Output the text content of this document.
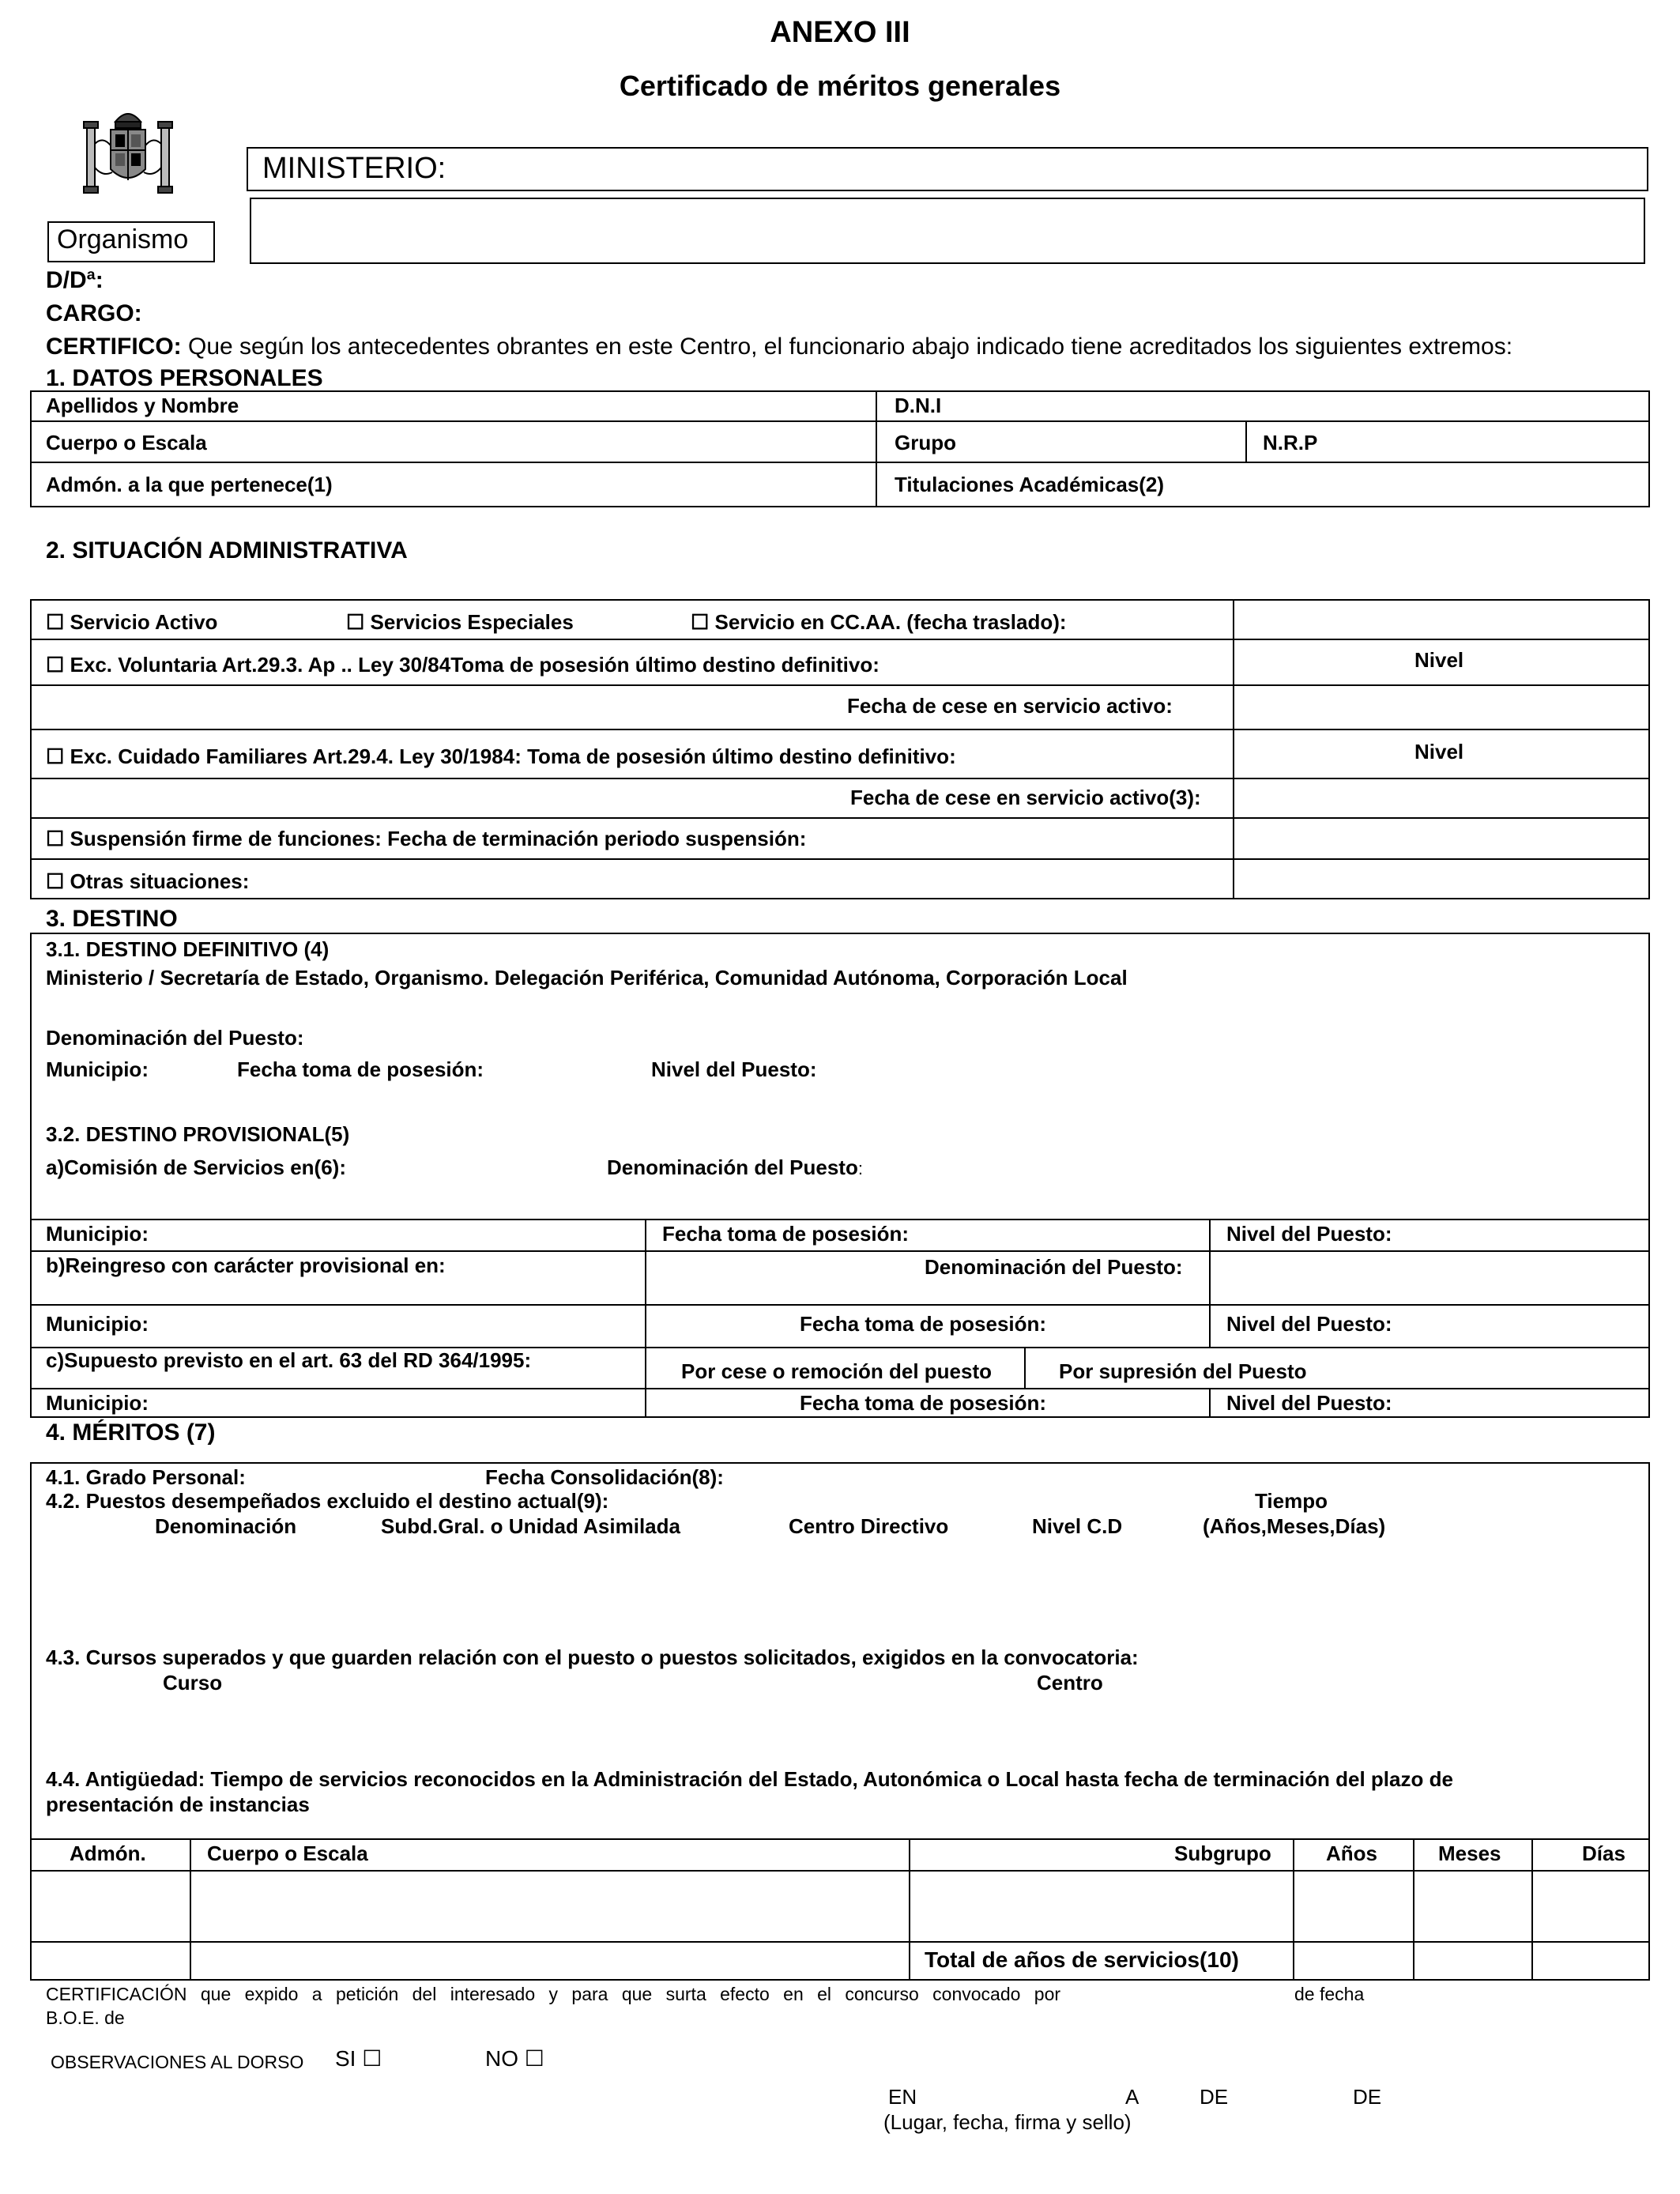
ANEXO III
Certificado de méritos generales
MINISTERIO:
Organismo
D/Dª:
CARGO:
CERTIFICO: Que según los antecedentes obrantes en este Centro, el funcionario abajo indicado tiene acreditados los siguientes extremos:
1. DATOS PERSONALES
Apellidos y Nombre	D.N.I
Cuerpo o Escala	Grupo	N.R.P
Admón. a la que pertenece(1)	Titulaciones Académicas(2)
2. SITUACIÓN ADMINISTRATIVA
☐ Servicio Activo	☐ Servicios Especiales	☐ Servicio en CC.AA. (fecha traslado):
☐ Exc. Voluntaria Art.29.3. Ap .. Ley 30/84Toma de posesión último destino definitivo:	Nivel
Fecha de cese en servicio activo:
☐ Exc. Cuidado Familiares Art.29.4. Ley 30/1984: Toma de posesión último destino definitivo:	Nivel
Fecha de cese en servicio activo(3):
☐ Suspensión firme de funciones: Fecha de terminación periodo suspensión:
☐ Otras situaciones:
3. DESTINO
3.1. DESTINO DEFINITIVO (4)
Ministerio / Secretaría de Estado, Organismo. Delegación Periférica, Comunidad Autónoma, Corporación Local
Denominación del Puesto:
Municipio:	Fecha toma de posesión:	Nivel del Puesto:
3.2. DESTINO PROVISIONAL(5)
a)Comisión de Servicios en(6):	Denominación del Puesto:
Municipio:	Fecha toma de posesión:	Nivel del Puesto:
b)Reingreso con carácter provisional en:	Denominación del Puesto:
Municipio:	Fecha toma de posesión:	Nivel del Puesto:
c)Supuesto previsto en el art. 63 del RD 364/1995:	Por cese o remoción del puesto	Por supresión del Puesto
Municipio:	Fecha toma de posesión:	Nivel del Puesto:
4. MÉRITOS (7)
4.1. Grado Personal:	Fecha Consolidación(8):
4.2. Puestos desempeñados excluido el destino actual(9):	Tiempo
Denominación	Subd.Gral. o Unidad Asimilada	Centro Directivo	Nivel C.D	(Años,Meses,Días)
4.3. Cursos superados y que guarden relación con el puesto o puestos solicitados, exigidos en la convocatoria:
Curso	Centro
4.4. Antigüedad: Tiempo de servicios reconocidos en la Administración del Estado, Autonómica o Local hasta fecha de terminación del plazo de
presentación de instancias
Admón.	Cuerpo o Escala	Subgrupo	Años	Meses	Días
Total de años de servicios(10)
CERTIFICACIÓN que expido a petición del interesado y para que surta efecto en el concurso convocado por	de fecha
B.O.E. de
OBSERVACIONES AL DORSO SI ☐	NO ☐
EN	A	DE	DE
(Lugar, fecha, firma y sello)
